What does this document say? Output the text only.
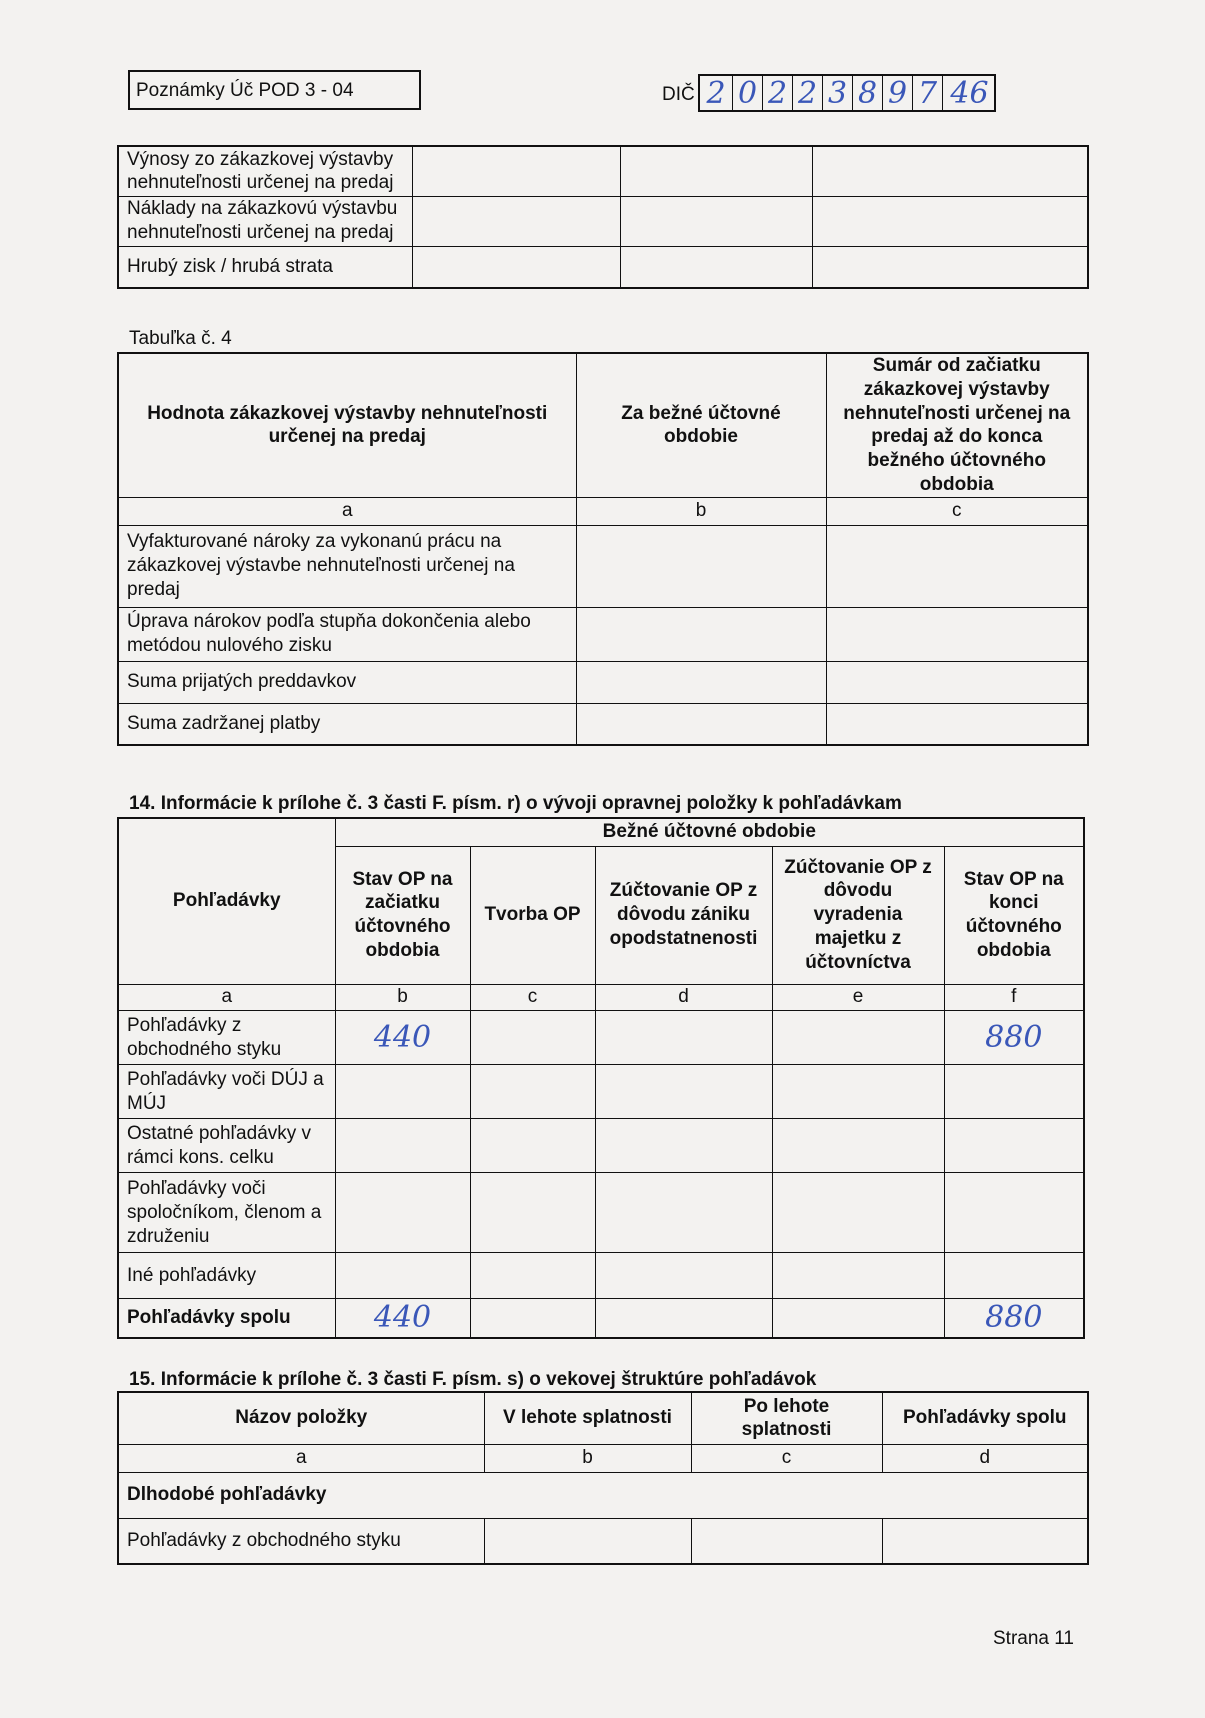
Poznámky Úč POD 3 - 04	DIČ 2 0 2 2 3 8 9 7 46
Výnosy zo zákazkovej výstavby nehnuteľnosti určenej na predaj			
Náklady na zákazkovú výstavbu nehnuteľnosti určenej na predaj			
Hrubý zisk / hrubá strata			
Tabuľka č. 4
Hodnota zákazkovej výstavby nehnuteľnosti určenej na predaj	Za bežné účtovné obdobie	Sumár od začiatku zákazkovej výstavby nehnuteľnosti určenej na predaj až do konca bežného účtovného obdobia
a	b	c
Vyfakturované nároky za vykonanú prácu na zákazkovej výstavbe nehnuteľnosti určenej na predaj		
Úprava nárokov podľa stupňa dokončenia alebo metódou nulového zisku		
Suma prijatých preddavkov		
Suma zadržanej platby		
14. Informácie k prílohe č. 3 časti F. písm. r) o vývoji opravnej položky k pohľadávkam
Pohľadávky	Bežné účtovné obdobie				
	Stav OP na začiatku účtovného obdobia	Tvorba OP	Zúčtovanie OP z dôvodu zániku opodstatnenosti	Zúčtovanie OP z dôvodu vyradenia majetku z účtovníctva	Stav OP na konci účtovného obdobia
a	b	c	d	e	f
Pohľadávky z obchodného styku	440				880
Pohľadávky voči DÚJ a MÚJ					
Ostatné pohľadávky v rámci kons. celku					
Pohľadávky voči spoločníkom, členom a združeniu					
Iné pohľadávky					
Pohľadávky spolu	440				880
15. Informácie k prílohe č. 3 časti F. písm. s) o vekovej štruktúre pohľadávok
Názov položky	V lehote splatnosti	Po lehote splatnosti	Pohľadávky spolu
a	b	c	d
Dlhodobé pohľadávky			
Pohľadávky z obchodného styku			
Strana 11
